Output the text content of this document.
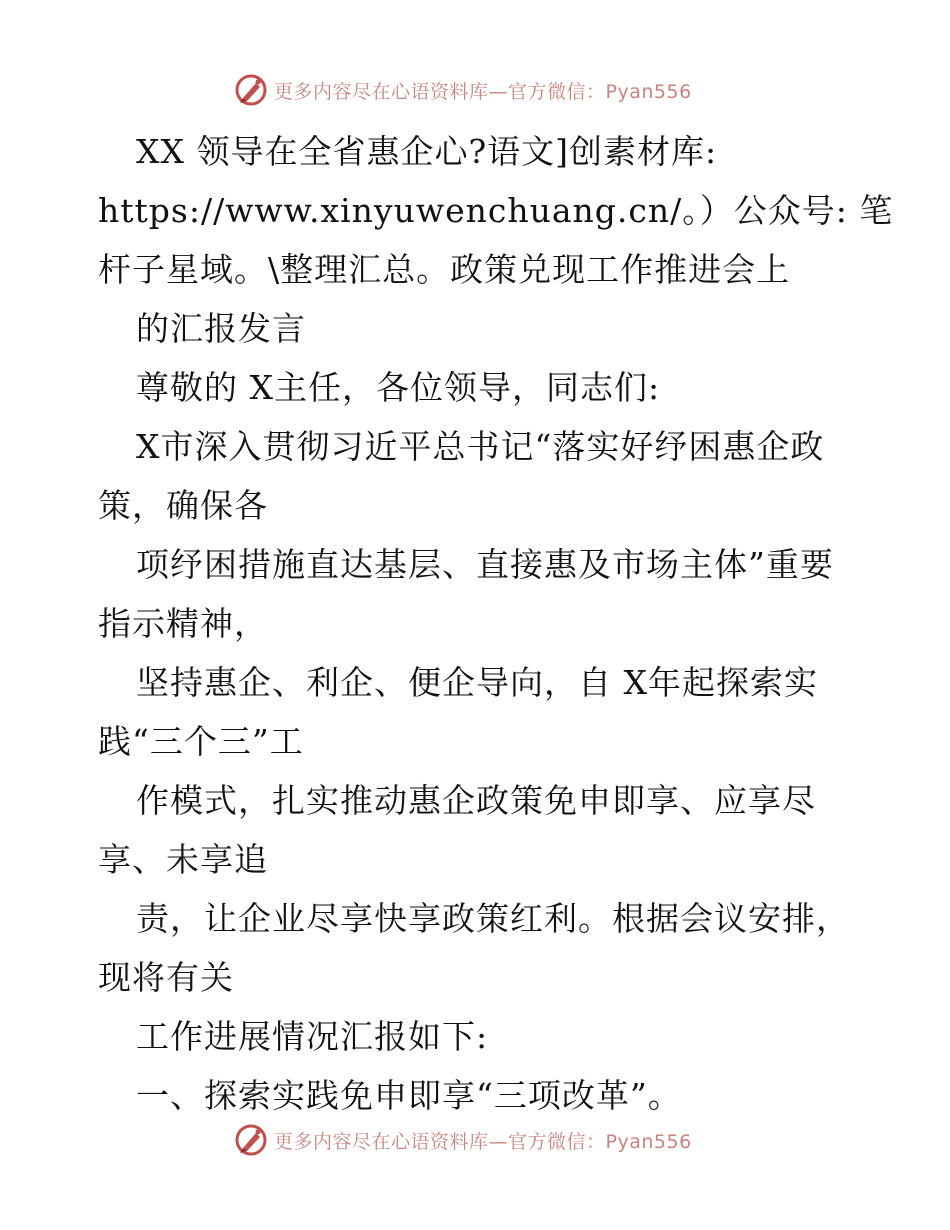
更多内容尽在心语资料库—官方微信：Pyan556
XX 领导在全省惠企心?语文]创素材库:
https://www.xinyuwenchuang.cn/。）公众号: 笔
杆子星域。\整理汇总。政策兑现工作推进会上
的汇报发言
尊敬的 X主任，各位领导，同志们:
X市深入贯彻习近平总书记“落实好纾困惠企政
策，确保各
项纾困措施直达基层、直接惠及市场主体”重要
指示精神，
坚持惠企、利企、便企导向，自 X年起探索实
践“三个三”工
作模式，扎实推动惠企政策免申即享、应享尽
享、未享追
责，让企业尽享快享政策红利。根据会议安排，
现将有关
工作进展情况汇报如下:
一、探索实践免申即享“三项改革”。
更多内容尽在心语资料库—官方微信：Pyan556
